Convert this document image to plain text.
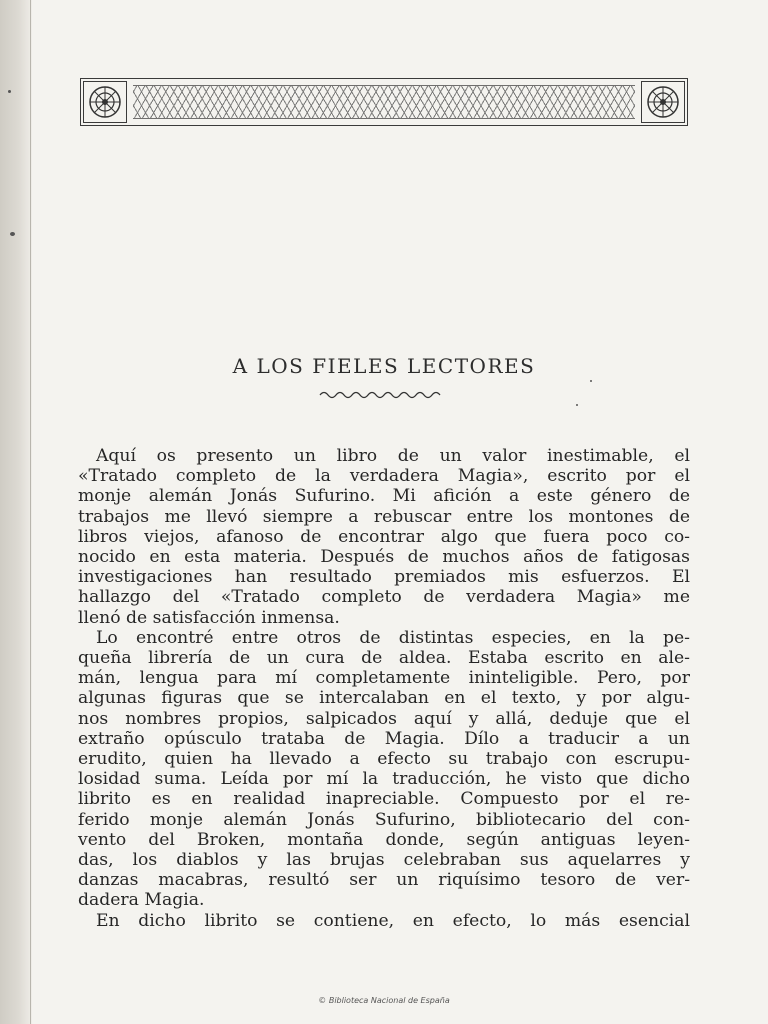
A LOS FIELES LECTORES
Aquí os presento un libro de un valor inestimable, el
«Tratado completo de la verdadera Magia», escrito por el
monje alemán Jonás Sufurino. Mi afición a este género de
trabajos me llevó siempre a rebuscar entre los montones de
libros viejos, afanoso de encontrar algo que fuera poco co-
nocido en esta materia. Después de muchos años de fatigosas
investigaciones han resultado premiados mis esfuerzos. El
hallazgo del «Tratado completo de verdadera Magia» me
llenó de satisfacción inmensa.
Lo encontré entre otros de distintas especies, en la pe-
queña librería de un cura de aldea. Estaba escrito en ale-
mán, lengua para mí completamente ininteligible. Pero, por
algunas figuras que se intercalaban en el texto, y por algu-
nos nombres propios, salpicados aquí y allá, deduje que el
extraño opúsculo trataba de Magia. Dílo a traducir a un
erudito, quien ha llevado a efecto su trabajo con escrupu-
losidad suma. Leída por mí la traducción, he visto que dicho
librito es en realidad inapreciable. Compuesto por el re-
ferido monje alemán Jonás Sufurino, bibliotecario del con-
vento del Broken, montaña donde, según antiguas leyen-
das, los diablos y las brujas celebraban sus aquelarres y
danzas macabras, resultó ser un riquísimo tesoro de ver-
dadera Magia.
En dicho librito se contiene, en efecto, lo más esencial
© Biblioteca Nacional de España
